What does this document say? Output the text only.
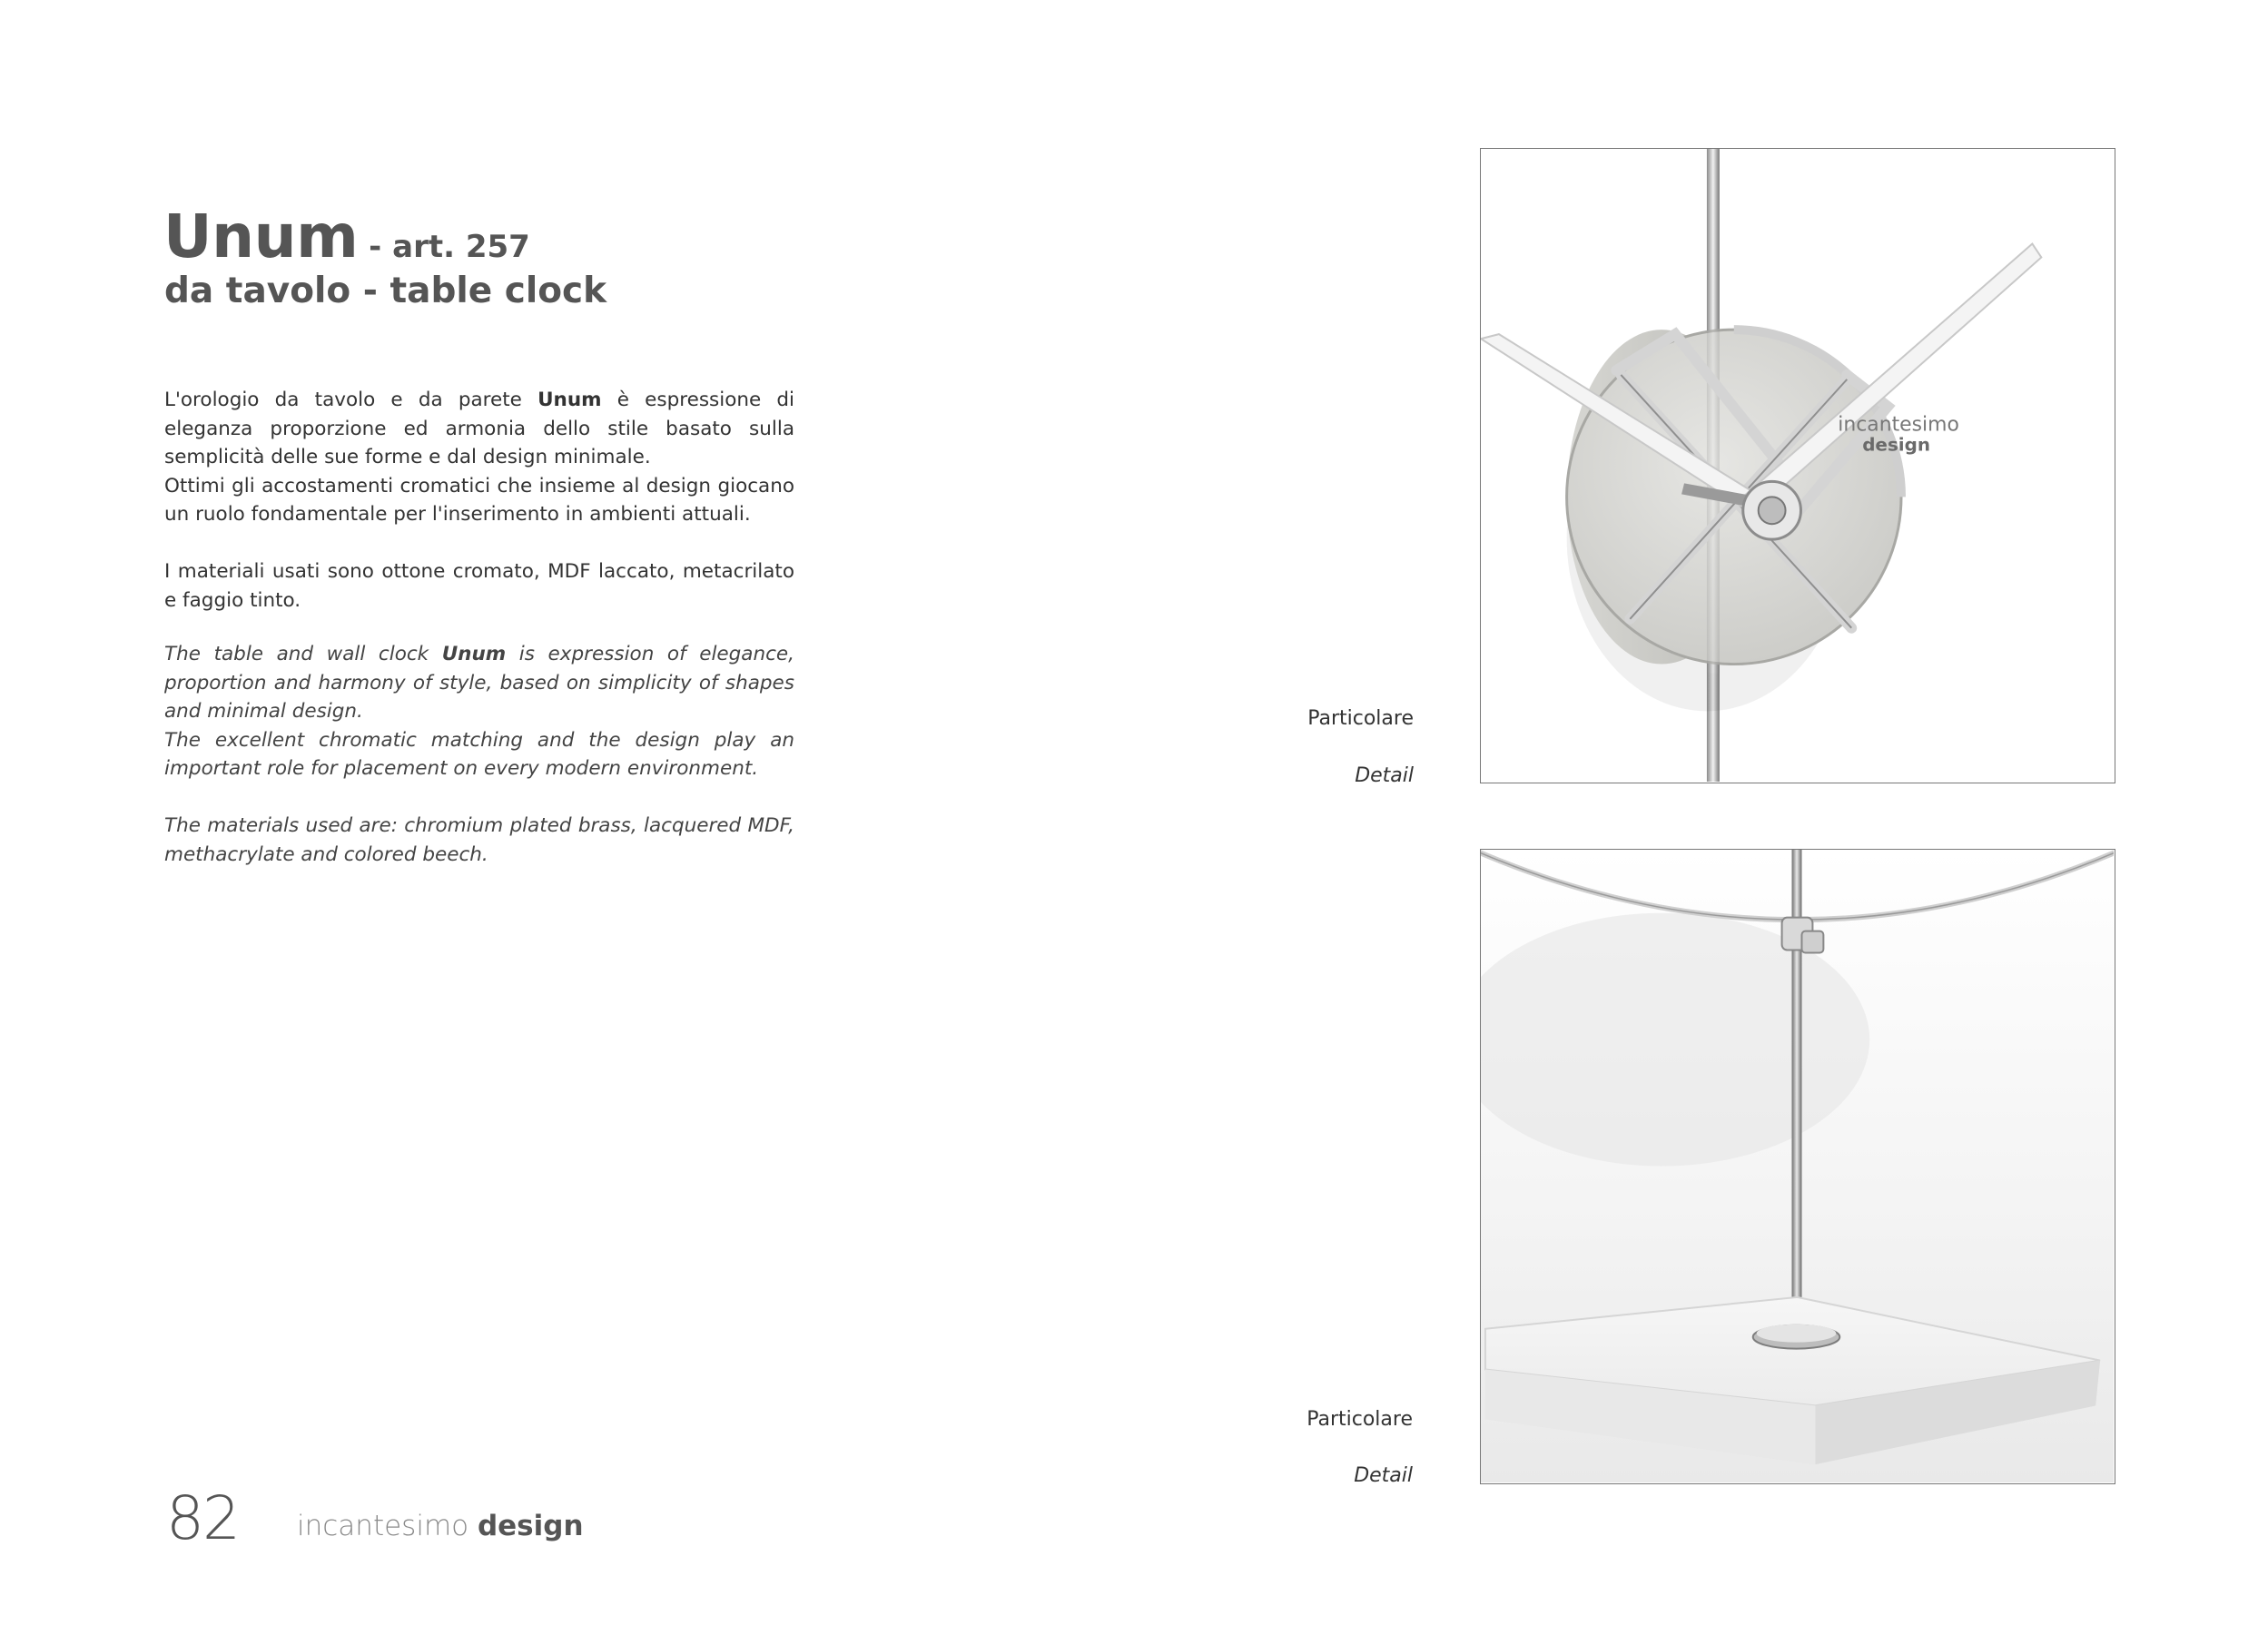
Unum - art. 257
da tavolo - table clock

L'orologio da tavolo e da parete Unum è espressione di eleganza proporzione ed armonia dello stile basato sulla semplicità delle sue forme e dal design minimale.

Ottimi gli accostamenti cromatici che insieme al design giocano un ruolo fondamentale per l'inserimento in ambienti attuali.

I materiali usati sono ottone cromato, MDF laccato, metacrilato e faggio tinto.

The table and wall clock Unum is expression of elegance, proportion and harmony of style, based on simplicity of shapes and minimal design.

The excellent chromatic matching and the design play an important role for placement on every modern environment.

The materials used are: chromium plated brass, lacquered MDF, methacrylate and colored beech.

Particolare
Detail
incantesimo
design
Particolare
Detail
82 incantesimo design
